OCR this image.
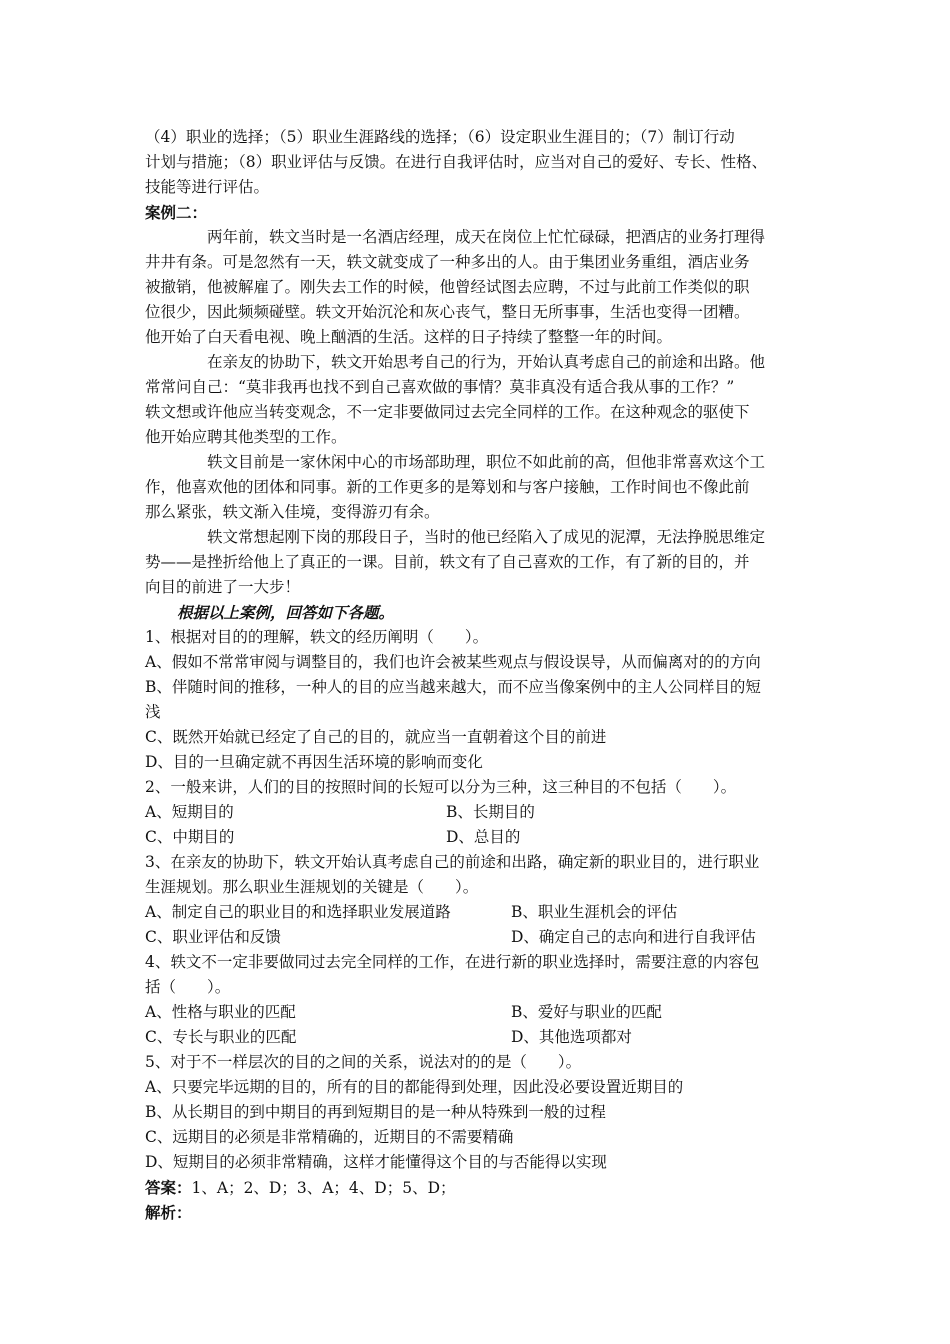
（4）职业的选择；（5）职业生涯路线的选择；（6）设定职业生涯目的；（7）制订行动
计划与措施；（8）职业评估与反馈。在进行自我评估时，应当对自己的爱好、专长、性格、
技能等进行评估。
案例二：
两年前，轶文当时是一名酒店经理，成天在岗位上忙忙碌碌，把酒店的业务打理得
井井有条。可是忽然有一天，轶文就变成了一种多出的人。由于集团业务重组，酒店业务
被撤销，他被解雇了。刚失去工作的时候，他曾经试图去应聘，不过与此前工作类似的职
位很少，因此频频碰壁。轶文开始沉沦和灰心丧气，整日无所事事，生活也变得一团糟。
他开始了白天看电视、晚上酗酒的生活。这样的日子持续了整整一年的时间。
在亲友的协助下，轶文开始思考自己的行为，开始认真考虑自己的前途和出路。他
常常问自己：“莫非我再也找不到自己喜欢做的事情？莫非真没有适合我从事的工作？”
轶文想或许他应当转变观念，不一定非要做同过去完全同样的工作。在这种观念的驱使下
他开始应聘其他类型的工作。
轶文目前是一家休闲中心的市场部助理，职位不如此前的高，但他非常喜欢这个工
作，他喜欢他的团体和同事。新的工作更多的是筹划和与客户接触，工作时间也不像此前
那么紧张，轶文渐入佳境，变得游刃有余。
轶文常想起刚下岗的那段日子，当时的他已经陷入了成见的泥潭，无法挣脱思维定
势——是挫折给他上了真正的一课。目前，轶文有了自己喜欢的工作，有了新的目的，并
向目的前进了一大步！
根据以上案例，回答如下各题。
1、根据对目的的理解，轶文的经历阐明（　　）。
A、假如不常常审阅与调整目的，我们也许会被某些观点与假设误导，从而偏离对的的方向
B、伴随时间的推移，一种人的目的应当越来越大，而不应当像案例中的主人公同样目的短
浅
C、既然开始就已经定了自己的目的，就应当一直朝着这个目的前进
D、目的一旦确定就不再因生活环境的影响而变化
2、一般来讲，人们的目的按照时间的长短可以分为三种，这三种目的不包括（　　）。
A、短期目的	B、长期目的
C、中期目的	D、总目的
3、在亲友的协助下，轶文开始认真考虑自己的前途和出路，确定新的职业目的，进行职业
生涯规划。那么职业生涯规划的关键是（　　）。
A、制定自己的职业目的和选择职业发展道路	B、职业生涯机会的评估
C、职业评估和反馈	D、确定自己的志向和进行自我评估
4、轶文不一定非要做同过去完全同样的工作，在进行新的职业选择时，需要注意的内容包
括（　　）。
A、性格与职业的匹配	B、爱好与职业的匹配
C、专长与职业的匹配	D、其他选项都对
5、对于不一样层次的目的之间的关系，说法对的的是（　　）。
A、只要完毕远期的目的，所有的目的都能得到处理，因此没必要设置近期目的
B、从长期目的到中期目的再到短期目的是一种从特殊到一般的过程
C、远期目的必须是非常精确的，近期目的不需要精确
D、短期目的必须非常精确，这样才能懂得这个目的与否能得以实现
答案：1、A；2、D；3、A；4、D；5、D；
解析：
